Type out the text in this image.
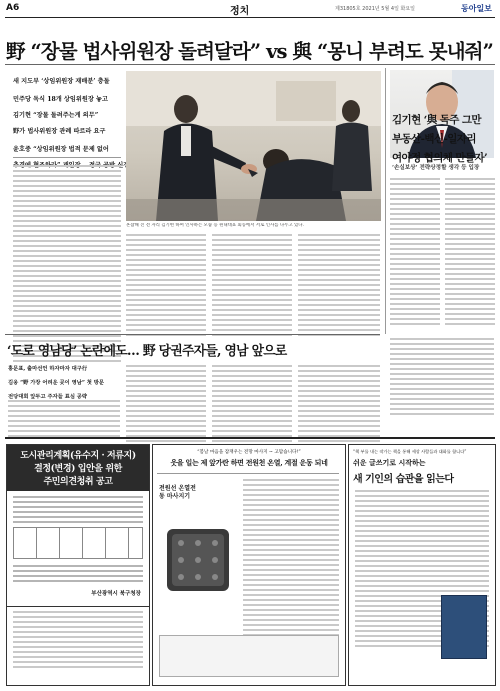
A6	정치	제31805호 2021년 5월 4일 화요일	동아일보
野 “장물 법사위원장 돌려달라” vs 與 “몽니 부려도 못내줘”
새 지도부 ‘상임위원장 재배분’ 충돌
민주당 독식 18개 상임위원장 놓고
김기현 “장물 돌려주는게 의무”
野가 법사위원장 관례 따르라 요구
윤호중 “상임위원장 법적 문제 없어
혼잡해 진 전 자리 김기현 하며 인사하는 모습 등 원내대표 회동에서 서로 인사를 나누고 있다.
김기현 ‘與 독주 그만
부동산-백신-일자리
여야정 협의체 만들자’
‘손실보상’ 전략상정할 생각 등 입장
‘도로 영남당’ 논란에도… 野 당권주자들, 영남 앞으로
홍문표, 출마선언 하자마자 대구行
김웅 “野 가장 어려운 곳이 영남” 첫 방문
전당대회 앞두고 주자들 표심 공략
도시관리계획(유수지 · 저류지)
결정(변경) 입안을 위한
주민의견청취 공고
부산광역시 북구청장
“봄날 마음을 잠재우는 전망 마사지 ~ 고맙습니다!”
웃을 일는 제 앞가란 하면 전원천 온열, 계절 운동 되네
전원선 온열전동 마사지기
“책 부를 내는 작가는 책을 통해 세상 사람들과 대화를 합니다”
쉬운 글쓰기로 시작하는
새 기인의 습관을 읽는다
